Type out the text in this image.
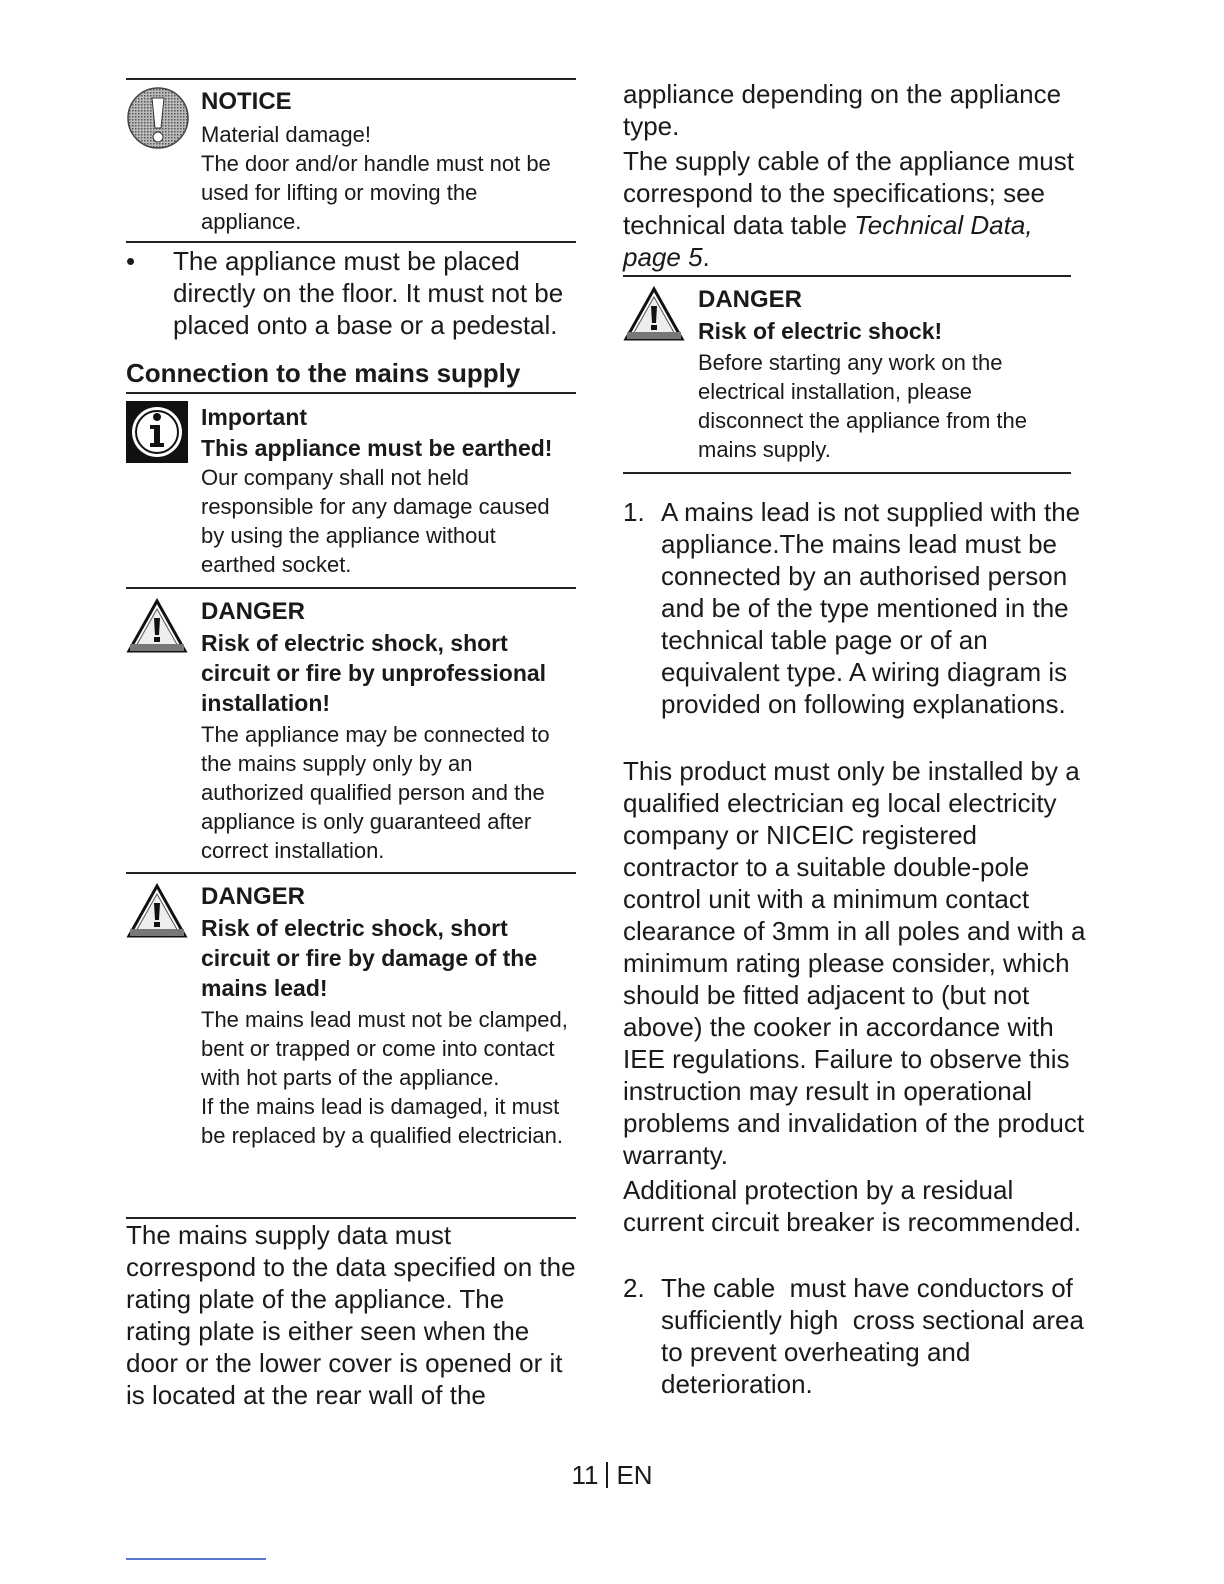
NOTICE

Material damage!

The door and/or handle must not be used for lifting or moving the appliance.

• The appliance must be placed directly on the floor. It must not be placed onto a base or a pedestal.

Connection to the mains supply

Important

This appliance must be earthed!

Our company shall not held responsible for any damage caused by using the appliance without earthed socket.

DANGER

Risk of electric shock, short circuit or fire by unprofessional installation!

The appliance may be connected to the mains supply only by an authorized qualified person and the appliance is only guaranteed after correct installation.

DANGER

Risk of electric shock, short circuit or fire by damage of the mains lead!

The mains lead must not be clamped, bent or trapped or come into contact with hot parts of the appliance.

If the mains lead is damaged, it must be replaced by a qualified electrician.

The mains supply data must correspond to the data specified on the rating plate of the appliance. The rating plate is either seen when the door or the lower cover is opened or it is located at the rear wall of the

appliance depending on the appliance type.

The supply cable of the appliance must correspond to the specifications; see technical data table Technical Data, page 5.

DANGER

Risk of electric shock!

Before starting any work on the electrical installation, please disconnect the appliance from the mains supply.

1. A mains lead is not supplied with the appliance.The mains lead must be connected by an authorised person and be of the type mentioned in the technical table page or of an equivalent type. A wiring diagram is provided on following explanations.

This product must only be installed by a qualified electrician eg local electricity company or NICEIC registered contractor to a suitable double-pole control unit with a minimum contact clearance of 3mm in all poles and with a minimum rating please consider, which should be fitted adjacent to (but not above) the cooker in accordance with IEE regulations. Failure to observe this instruction may result in operational problems and invalidation of the product warranty.

Additional protection by a residual current circuit breaker is recommended.

2. The cable  must have conductors of sufficiently high  cross sectional area to prevent overheating and deterioration.

11 EN
